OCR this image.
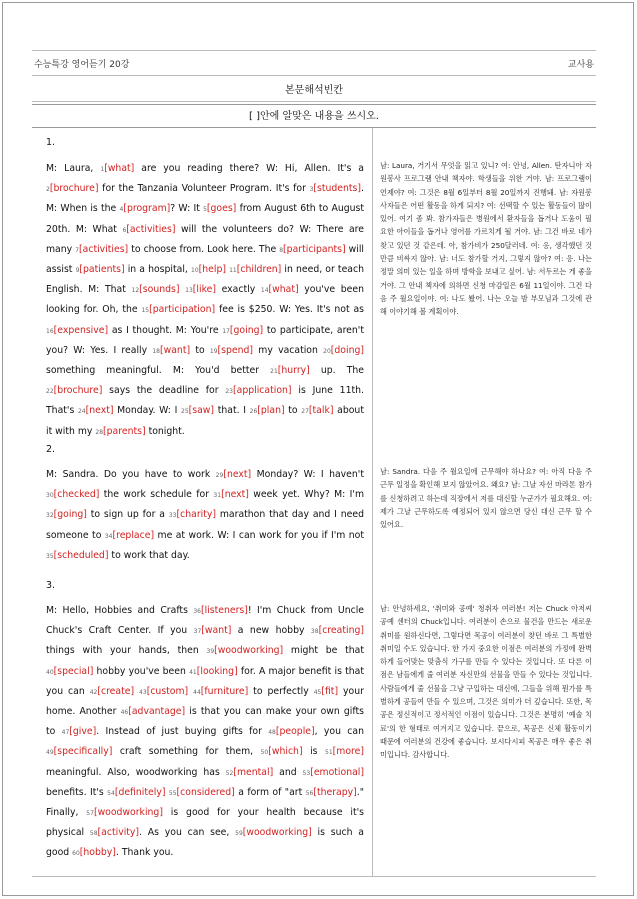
수능특강 영어듣기 20강	교사용
본문해석빈칸
[ ]안에 알맞은 내용을 쓰시오.
1.
M: Laura, 1[what] are you reading there? W: Hi, Allen. It's a 2[brochure] for the Tanzania Volunteer Program. It's for 3[students]. M: When is the 4[program]? W: It 5[goes] from August 6th to August 20th. M: What 6[activities] will the volunteers do? W: There are many 7[activities] to choose from. Look here. The 8[participants] will assist 9[patients] in a hospital, 10[help] 11[children] in need, or teach English. M: That 12[sounds] 13[like] exactly 14[what] you've been looking for. Oh, the 15[participation] fee is $250. W: Yes. It's not as 16[expensive] as I thought. M: You're 17[going] to participate, aren't you? W: Yes. I really 18[want] to 19[spend] my vacation 20[doing] something meaningful. M: You'd better 21[hurry] up. The 22[brochure] says the deadline for 23[application] is June 11th. That's 24[next] Monday. W: I 25[saw] that. I 26[plan] to 27[talk] about it with my 28[parents] tonight.
남: Laura, 거기서 무엇을 읽고 있니? 여: 안녕, Allen. 탄자니아 자원봉사 프로그램 안내 책자야. 학생들을 위한 거야. 남: 프로그램이 언제야? 여: 그것은 8월 6일부터 8월 20일까지 진행돼. 남: 자원봉사자들은 어떤 활동을 하게 되지? 여: 선택할 수 있는 활동들이 많이 있어. 여기 좀 봐. 참가자들은 병원에서 환자들을 돕거나 도움이 필요한 아이들을 돕거나 영어를 가르치게 될 거야. 남: 그건 바로 네가 찾고 있던 것 같은데. 아, 참가비가 250달러네. 여: 응, 생각했던 것만큼 비싸지 않아. 남: 너도 참가할 거지, 그렇지 않아? 여: 응. 나는 정말 의미 있는 일을 하며 방학을 보내고 싶어. 남: 서두르는 게 좋을 거야. 그 안내 책자에 의하면 신청 마감일은 6월 11일이야. 그건 다음 주 월요일이야. 여: 나도 봤어. 나는 오늘 밤 부모님과 그것에 관해 이야기해 볼 계획이야.
2.
M: Sandra. Do you have to work 29[next] Monday? W: I haven't 30[checked] the work schedule for 31[next] week yet. Why? M: I'm 32[going] to sign up for a 33[charity] marathon that day and I need someone to 34[replace] me at work. W: I can work for you if I'm not 35[scheduled] to work that day.
남: Sandra. 다음 주 월요일에 근무해야 하나요? 여: 아직 다음 주 근무 일정을 확인해 보지 않았어요. 왜요? 남: 그날 자선 마라톤 참가를 신청하려고 하는데 직장에서 저를 대신할 누군가가 필요해요. 여: 제가 그날 근무하도록 예정되어 있지 않으면 당신 대신 근무 할 수 있어요.
3.
M: Hello, Hobbies and Crafts 36[listeners]! I'm Chuck from Uncle Chuck's Craft Center. If you 37[want] a new hobby 38[creating] things with your hands, then 39[woodworking] might be that 40[special] hobby you've been 41[looking] for. A major benefit is that you can 42[create] 43[custom] 44[furniture] to perfectly 45[fit] your home. Another 46[advantage] is that you can make your own gifts to 47[give]. Instead of just buying gifts for 48[people], you can 49[specifically] craft something for them, 50[which] is 51[more] meaningful. Also, woodworking has 52[mental] and 53[emotional] benefits. It's 54[definitely] 55[considered] a form of "art 56[therapy]." Finally, 57[woodworking] is good for your health because it's physical 58[activity]. As you can see, 59[woodworking] is such a good 60[hobby]. Thank you.
남: 안녕하세요, '취미와 공예' 청취자 여러분! 저는 Chuck 아저씨 공예 센터의 Chuck입니다. 여러분이 손으로 물건을 만드는 새로운 취미를 원하신다면, 그렇다면 목공이 여러분이 찾던 바로 그 특별한 취미일 수도 있습니다. 한 가지 중요한 이점은 여러분의 가정에 완벽하게 들어맞는 맞춤식 가구를 만들 수 있다는 것입니다. 또 다른 이점은 남들에게 줄 여러분 자신만의 선물을 만들 수 있다는 것입니다. 사람들에게 줄 선물을 그냥 구입하는 대신에, 그들을 위해 뭔가를 특별하게 공들여 만들 수 있으며, 그것은 의미가 더 깊습니다. 또한, 목공은 정신적이고 정서적인 이점이 있습니다. 그것은 분명히 '예술 치료'의 한 형태로 여겨지고 있습니다. 끝으로, 목공은 신체 활동이기 때문에 여러분의 건강에 좋습니다. 보시다시피 목공은 매우 좋은 취미입니다. 감사합니다.
